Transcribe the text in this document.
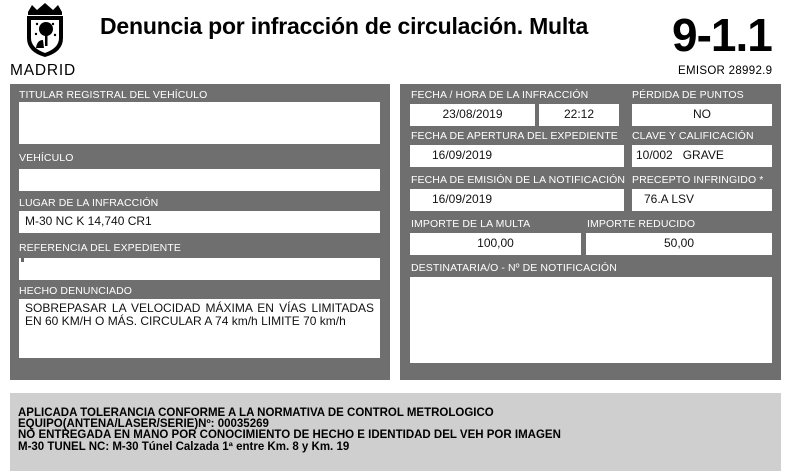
MADRID
Denuncia por infracción de circulación. Multa 9-1.1
EMISOR 28992.9
TITULAR REGISTRAL DEL VEHÍCULO
VEHÍCULO
LUGAR DE LA INFRACCIÓN
M-30 NC K 14,740 CR1
REFERENCIA DEL EXPEDIENTE
HECHO DENUNCIADO
SOBREPASAR LA VELOCIDAD MÁXIMA EN VÍAS LIMITADAS EN 60 KM/H O MÁS. CIRCULAR A 74 km/h LIMITE 70 km/h
FECHA / HORA DE LA INFRACCIÓN
23/08/2019	22:12
PÉRDIDA DE PUNTOS
NO
FECHA DE APERTURA DEL EXPEDIENTE
16/09/2019
CLAVE Y CALIFICACIÓN
10/002   GRAVE
FECHA DE EMISIÓN DE LA NOTIFICACIÓN
16/09/2019
PRECEPTO INFRINGIDO *
76.A LSV
IMPORTE DE LA MULTA
100,00
IMPORTE REDUCIDO
50,00
DESTINATARIA/O - Nº DE NOTIFICACIÓN
APLICADA TOLERANCIA CONFORME A LA NORMATIVA DE CONTROL METROLOGICO
EQUIPO(ANTENA/LASER/SERIE)Nº: 00035269
NO ENTREGADA EN MANO POR CONOCIMIENTO DE HECHO E IDENTIDAD DEL VEH POR IMAGEN
M-30 TUNEL NC: M-30 Túnel Calzada 1ª entre Km. 8 y Km. 19
